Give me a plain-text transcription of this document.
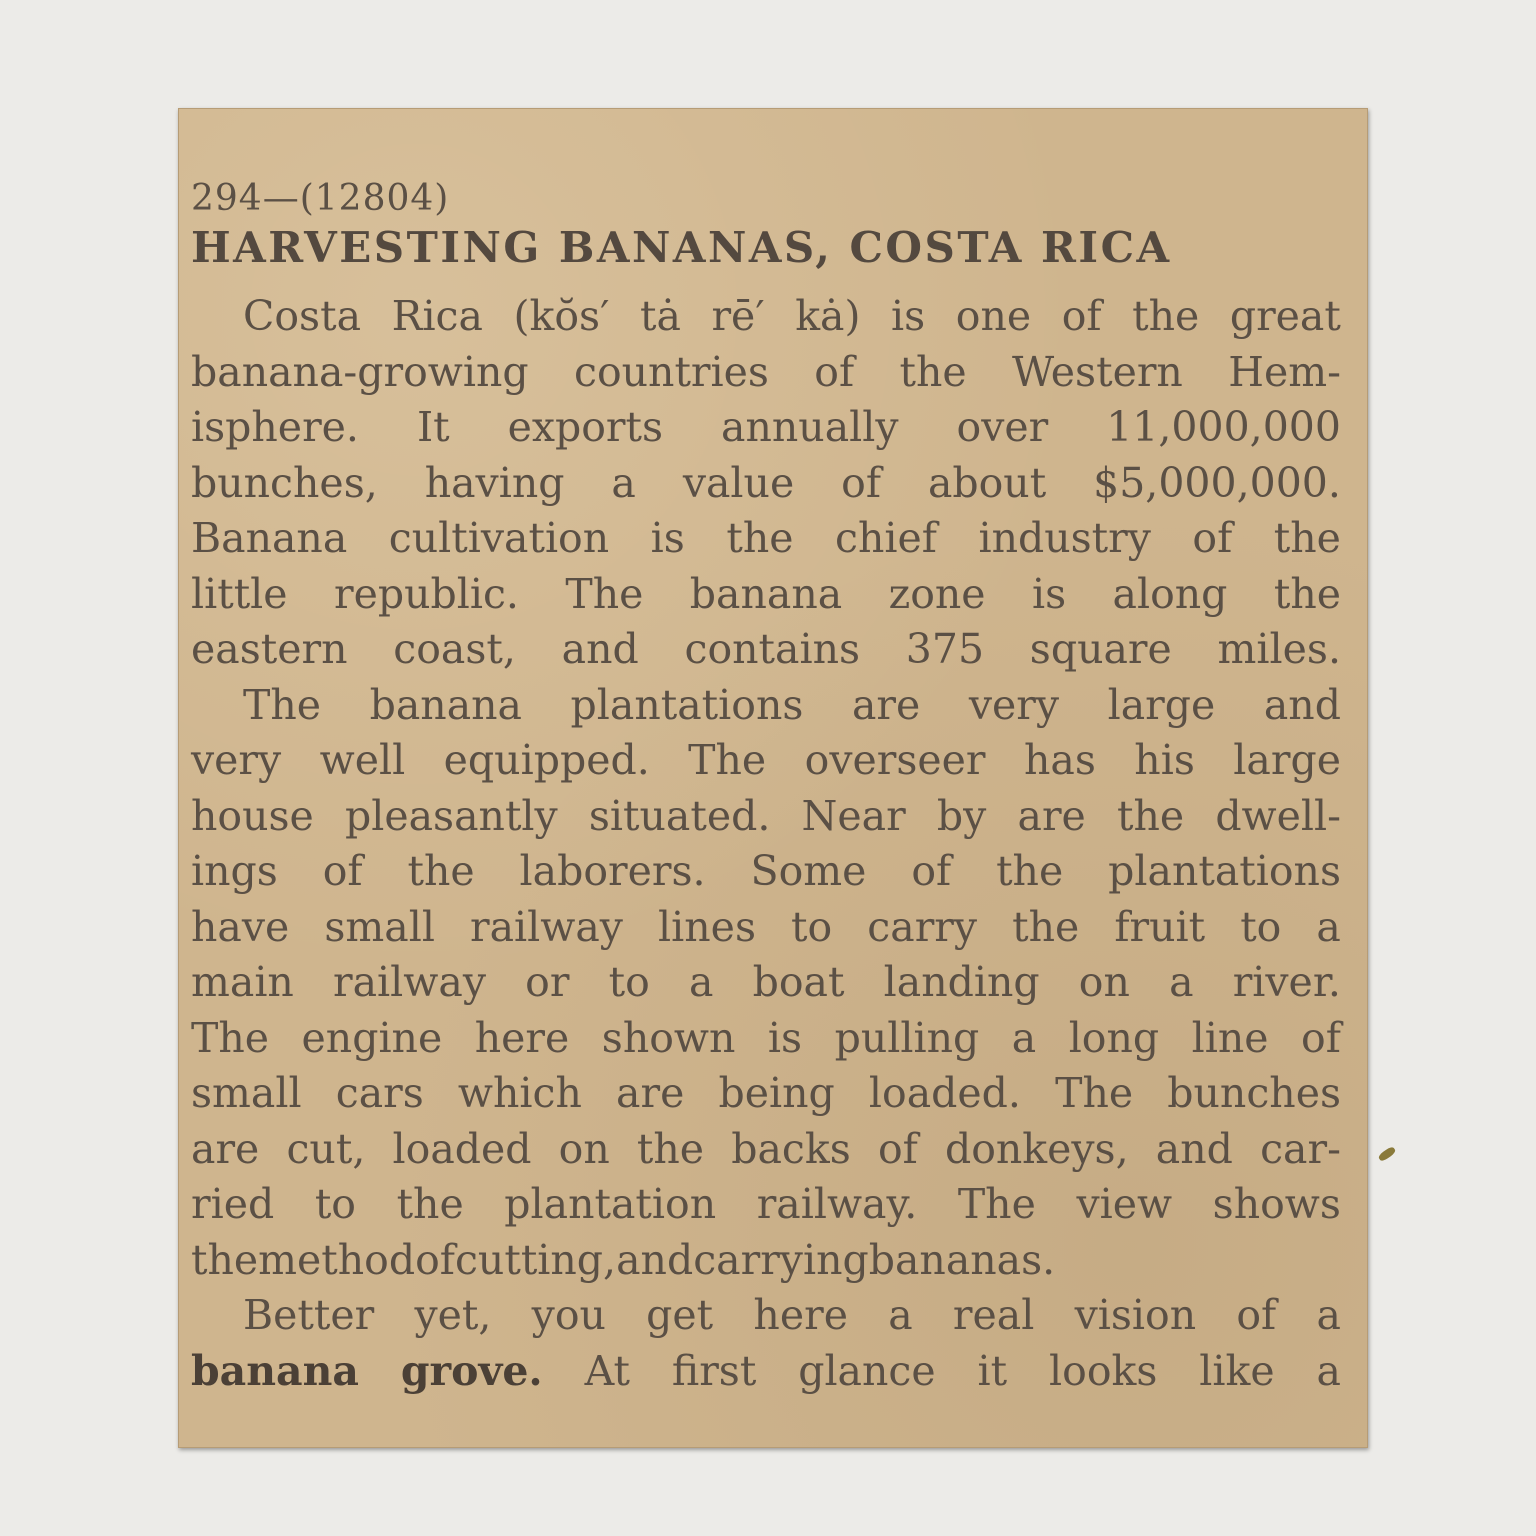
294—(12804)
HARVESTING BANANAS, COSTA RICA
Costa Rica (kŏs′ tȧ rē′ kȧ) is one of the great
banana-growing countries of the Western Hem-
isphere. It exports annually over 11,000,000
bunches, having a value of about $5,000,000.
Banana cultivation is the chief industry of the
little republic. The banana zone is along the
eastern coast, and contains 375 square miles.
The banana plantations are very large and
very well equipped. The overseer has his large
house pleasantly situated. Near by are the dwell-
ings of the laborers. Some of the plantations
have small railway lines to carry the fruit to a
main railway or to a boat landing on a river.
The engine here shown is pulling a long line of
small cars which are being loaded. The bunches
are cut, loaded on the backs of donkeys, and car-
ried to the plantation railway. The view shows
the method of cutting, and carrying bananas.
Better yet, you get here a real vision of a
banana grove. At first glance it looks like a
